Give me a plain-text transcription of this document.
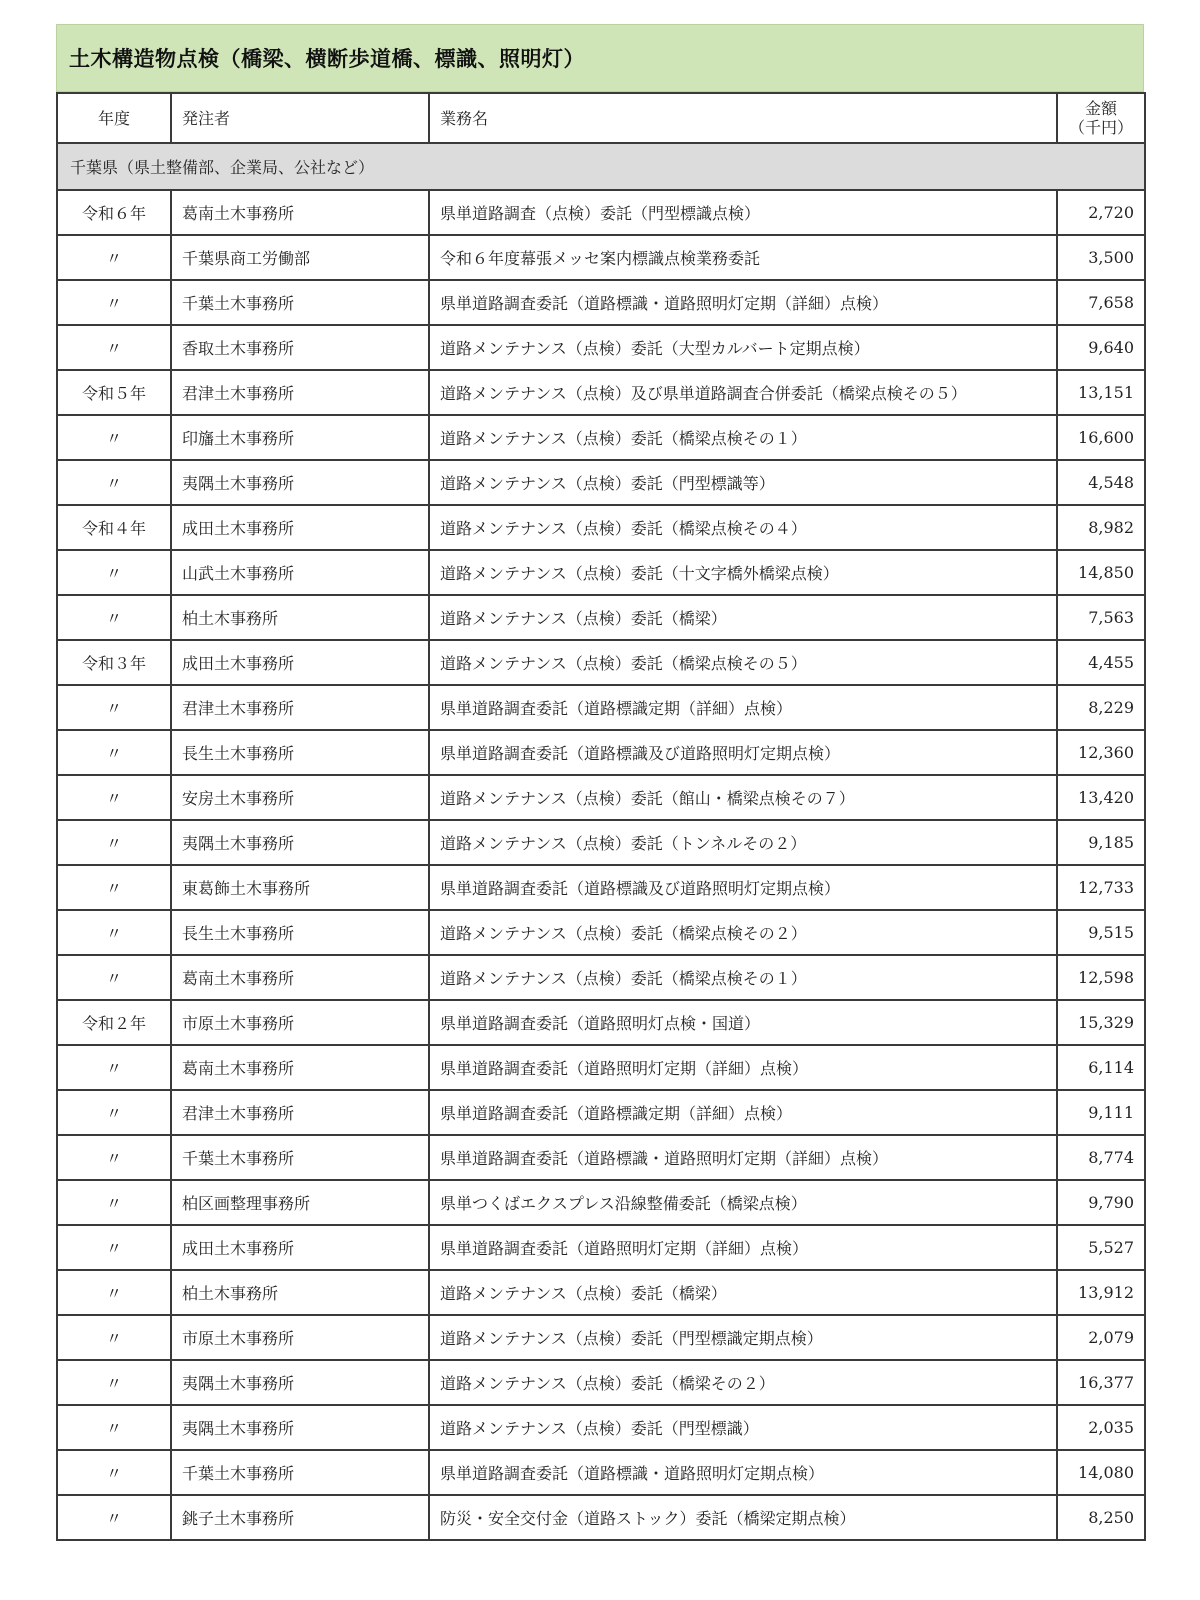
土木構造物点検（橋梁、横断歩道橋、標識、照明灯）
年度	発注者	業務名	金額
（千円）
千葉県（県土整備部、企業局、公社など）			
令和６年	葛南土木事務所	県単道路調査（点検）委託（門型標識点検）	2,720
〃	千葉県商工労働部	令和６年度幕張メッセ案内標識点検業務委託	3,500
〃	千葉土木事務所	県単道路調査委託（道路標識・道路照明灯定期（詳細）点検）	7,658
〃	香取土木事務所	道路メンテナンス（点検）委託（大型カルバート定期点検）	9,640
令和５年	君津土木事務所	道路メンテナンス（点検）及び県単道路調査合併委託（橋梁点検その５）	13,151
〃	印旛土木事務所	道路メンテナンス（点検）委託（橋梁点検その１）	16,600
〃	夷隅土木事務所	道路メンテナンス（点検）委託（門型標識等）	4,548
令和４年	成田土木事務所	道路メンテナンス（点検）委託（橋梁点検その４）	8,982
〃	山武土木事務所	道路メンテナンス（点検）委託（十文字橋外橋梁点検）	14,850
〃	柏土木事務所	道路メンテナンス（点検）委託（橋梁）	7,563
令和３年	成田土木事務所	道路メンテナンス（点検）委託（橋梁点検その５）	4,455
〃	君津土木事務所	県単道路調査委託（道路標識定期（詳細）点検）	8,229
〃	長生土木事務所	県単道路調査委託（道路標識及び道路照明灯定期点検）	12,360
〃	安房土木事務所	道路メンテナンス（点検）委託（館山・橋梁点検その７）	13,420
〃	夷隅土木事務所	道路メンテナンス（点検）委託（トンネルその２）	9,185
〃	東葛飾土木事務所	県単道路調査委託（道路標識及び道路照明灯定期点検）	12,733
〃	長生土木事務所	道路メンテナンス（点検）委託（橋梁点検その２）	9,515
〃	葛南土木事務所	道路メンテナンス（点検）委託（橋梁点検その１）	12,598
令和２年	市原土木事務所	県単道路調査委託（道路照明灯点検・国道）	15,329
〃	葛南土木事務所	県単道路調査委託（道路照明灯定期（詳細）点検）	6,114
〃	君津土木事務所	県単道路調査委託（道路標識定期（詳細）点検）	9,111
〃	千葉土木事務所	県単道路調査委託（道路標識・道路照明灯定期（詳細）点検）	8,774
〃	柏区画整理事務所	県単つくばエクスプレス沿線整備委託（橋梁点検）	9,790
〃	成田土木事務所	県単道路調査委託（道路照明灯定期（詳細）点検）	5,527
〃	柏土木事務所	道路メンテナンス（点検）委託（橋梁）	13,912
〃	市原土木事務所	道路メンテナンス（点検）委託（門型標識定期点検）	2,079
〃	夷隅土木事務所	道路メンテナンス（点検）委託（橋梁その２）	16,377
〃	夷隅土木事務所	道路メンテナンス（点検）委託（門型標識）	2,035
〃	千葉土木事務所	県単道路調査委託（道路標識・道路照明灯定期点検）	14,080
〃	銚子土木事務所	防災・安全交付金（道路ストック）委託（橋梁定期点検）	8,250
